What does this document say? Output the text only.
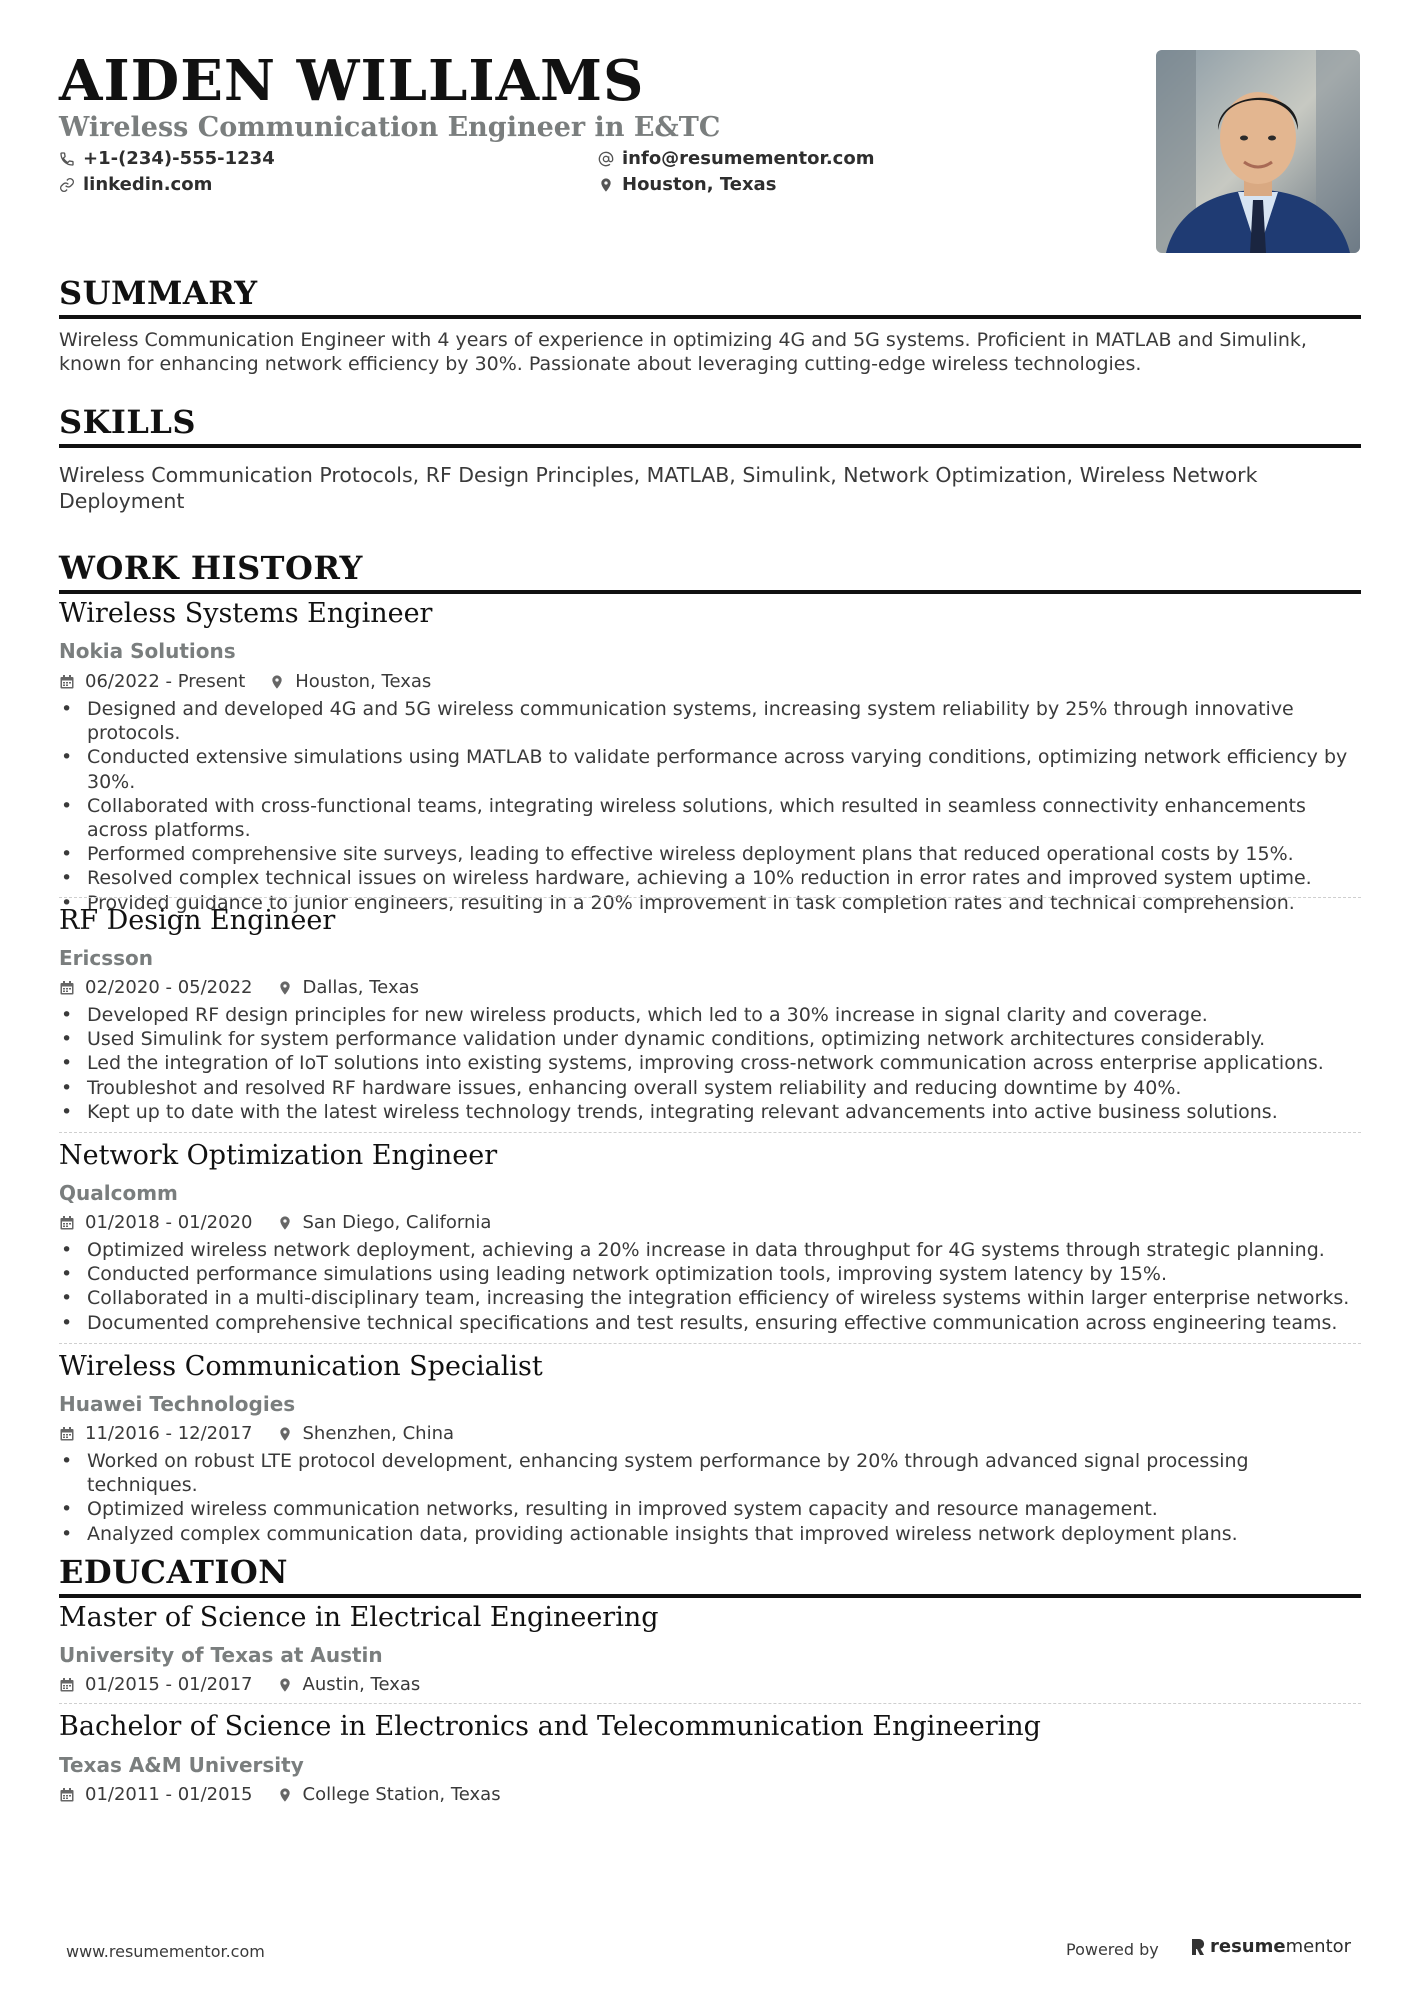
AIDEN WILLIAMS
Wireless Communication Engineer in E&TC
+1-(234)-555-1234	info@resumementor.com
linkedin.com	Houston, Texas
SUMMARY
Wireless Communication Engineer with 4 years of experience in optimizing 4G and 5G systems. Proficient in MATLAB and Simulink, known for enhancing network efficiency by 30%. Passionate about leveraging cutting-edge wireless technologies.
SKILLS
Wireless Communication Protocols, RF Design Principles, MATLAB, Simulink, Network Optimization, Wireless Network Deployment
WORK HISTORY
Wireless Systems Engineer
Nokia Solutions
06/2022 - Present	Houston, Texas
• Designed and developed 4G and 5G wireless communication systems, increasing system reliability by 25% through innovative protocols.
• Conducted extensive simulations using MATLAB to validate performance across varying conditions, optimizing network efficiency by 30%.
• Collaborated with cross-functional teams, integrating wireless solutions, which resulted in seamless connectivity enhancements across platforms.
• Performed comprehensive site surveys, leading to effective wireless deployment plans that reduced operational costs by 15%.
• Resolved complex technical issues on wireless hardware, achieving a 10% reduction in error rates and improved system uptime.
• Provided guidance to junior engineers, resulting in a 20% improvement in task completion rates and technical comprehension.
RF Design Engineer
Ericsson
02/2020 - 05/2022	Dallas, Texas
• Developed RF design principles for new wireless products, which led to a 30% increase in signal clarity and coverage.
• Used Simulink for system performance validation under dynamic conditions, optimizing network architectures considerably.
• Led the integration of IoT solutions into existing systems, improving cross-network communication across enterprise applications.
• Troubleshot and resolved RF hardware issues, enhancing overall system reliability and reducing downtime by 40%.
• Kept up to date with the latest wireless technology trends, integrating relevant advancements into active business solutions.
Network Optimization Engineer
Qualcomm
01/2018 - 01/2020	San Diego, California
• Optimized wireless network deployment, achieving a 20% increase in data throughput for 4G systems through strategic planning.
• Conducted performance simulations using leading network optimization tools, improving system latency by 15%.
• Collaborated in a multi-disciplinary team, increasing the integration efficiency of wireless systems within larger enterprise networks.
• Documented comprehensive technical specifications and test results, ensuring effective communication across engineering teams.
Wireless Communication Specialist
Huawei Technologies
11/2016 - 12/2017	Shenzhen, China
• Worked on robust LTE protocol development, enhancing system performance by 20% through advanced signal processing techniques.
• Optimized wireless communication networks, resulting in improved system capacity and resource management.
• Analyzed complex communication data, providing actionable insights that improved wireless network deployment plans.
EDUCATION
Master of Science in Electrical Engineering
University of Texas at Austin
01/2015 - 01/2017	Austin, Texas
Bachelor of Science in Electronics and Telecommunication Engineering
Texas A&M University
01/2011 - 01/2015	College Station, Texas
www.resumementor.com	Powered by	resumementor
